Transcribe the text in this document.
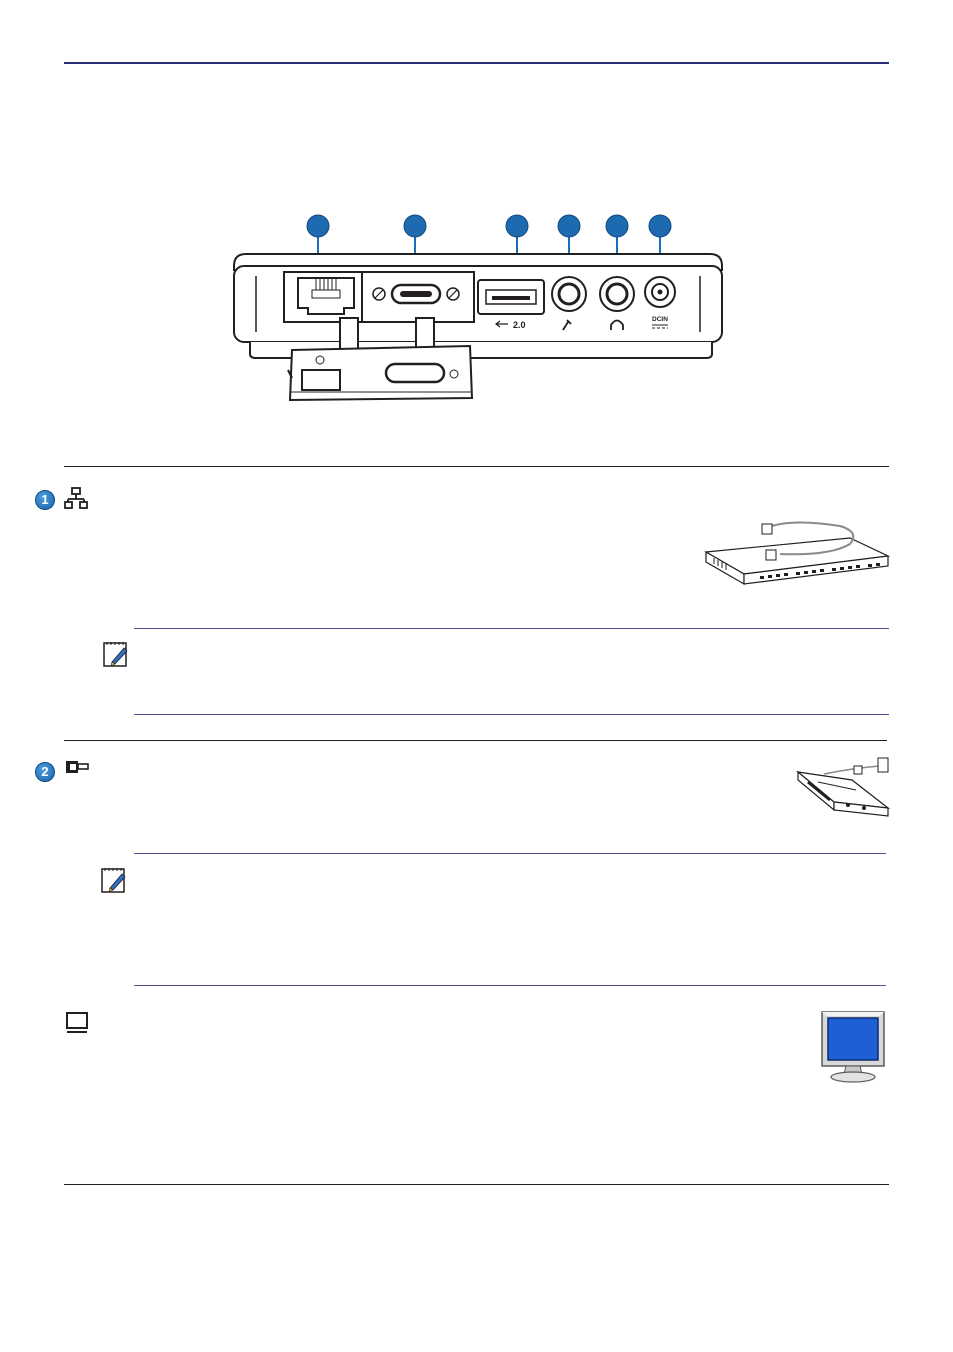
2.0
DCIN
1
2
